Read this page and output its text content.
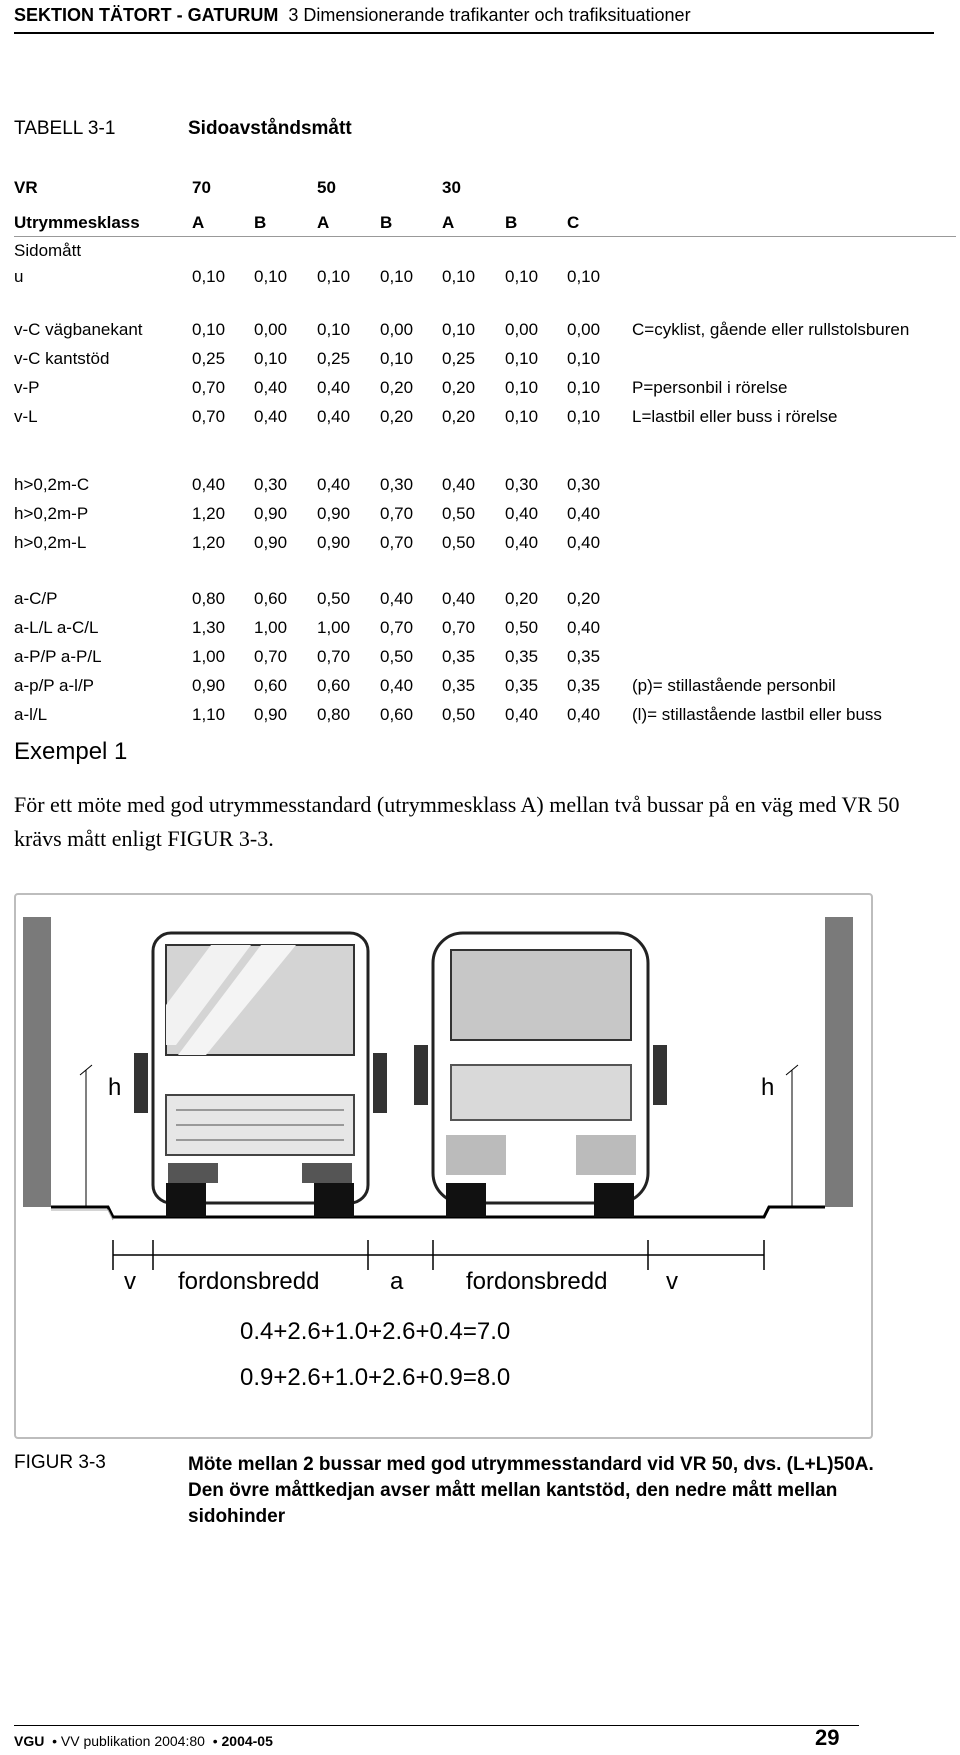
SEKTION TÄTORT - GATURUM 3 Dimensionerande trafikanter och trafiksituationer
TABELL 3-1	Sidoavståndsmått
VR	70	50	30
Utrymmesklass	A	B	A	B	A	B	C
Sidomått
u	0,10 0,10 0,10 0,10 0,10 0,10 0,10
v-C vägbanekant	0,10 0,00 0,10 0,00 0,10 0,00 0,00 C=cyklist, gående eller rullstolsburen
v-C kantstöd	0,25 0,10 0,25 0,10 0,25 0,10 0,10
v-P	0,70 0,40 0,40 0,20 0,20 0,10 0,10 P=personbil i rörelse
v-L	0,70 0,40 0,40 0,20 0,20 0,10 0,10 L=lastbil eller buss i rörelse
h>0,2m-C	0,40 0,30 0,40 0,30 0,40 0,30 0,30
h>0,2m-P	1,20 0,90 0,90 0,70 0,50 0,40 0,40
h>0,2m-L	1,20 0,90 0,90 0,70 0,50 0,40 0,40
a-C/P	0,80 0,60 0,50 0,40 0,40 0,20 0,20
a-L/L a-C/L	1,30 1,00 1,00 0,70 0,70 0,50 0,40
a-P/P a-P/L	1,00 0,70 0,70 0,50 0,35 0,35 0,35
a-p/P a-l/P	0,90 0,60 0,60 0,40 0,35 0,35 0,35 (p)= stillastående personbil
a-l/L	1,10 0,90 0,80 0,60 0,50 0,40 0,40 (l)= stillastående lastbil eller buss
Exempel 1
För ett möte med god utrymmesstandard (utrymmesklass A) mellan två bussar på en väg med VR 50 krävs mått enligt FIGUR 3-3.
h	h
v fordonsbredd	a	fordonsbredd v
0.4+2.6+1.0+2.6+0.4=7.0
0.9+2.6+1.0+2.6+0.9=8.0
FIGUR 3-3	Möte mellan 2 bussar med god utrymmesstandard vid VR 50, dvs. (L+L)50A. Den övre måttkedjan avser mått mellan kantstöd, den nedre mått mellan sidohinder
VGU  • VV publikation 2004:80  • 2004-05	29
